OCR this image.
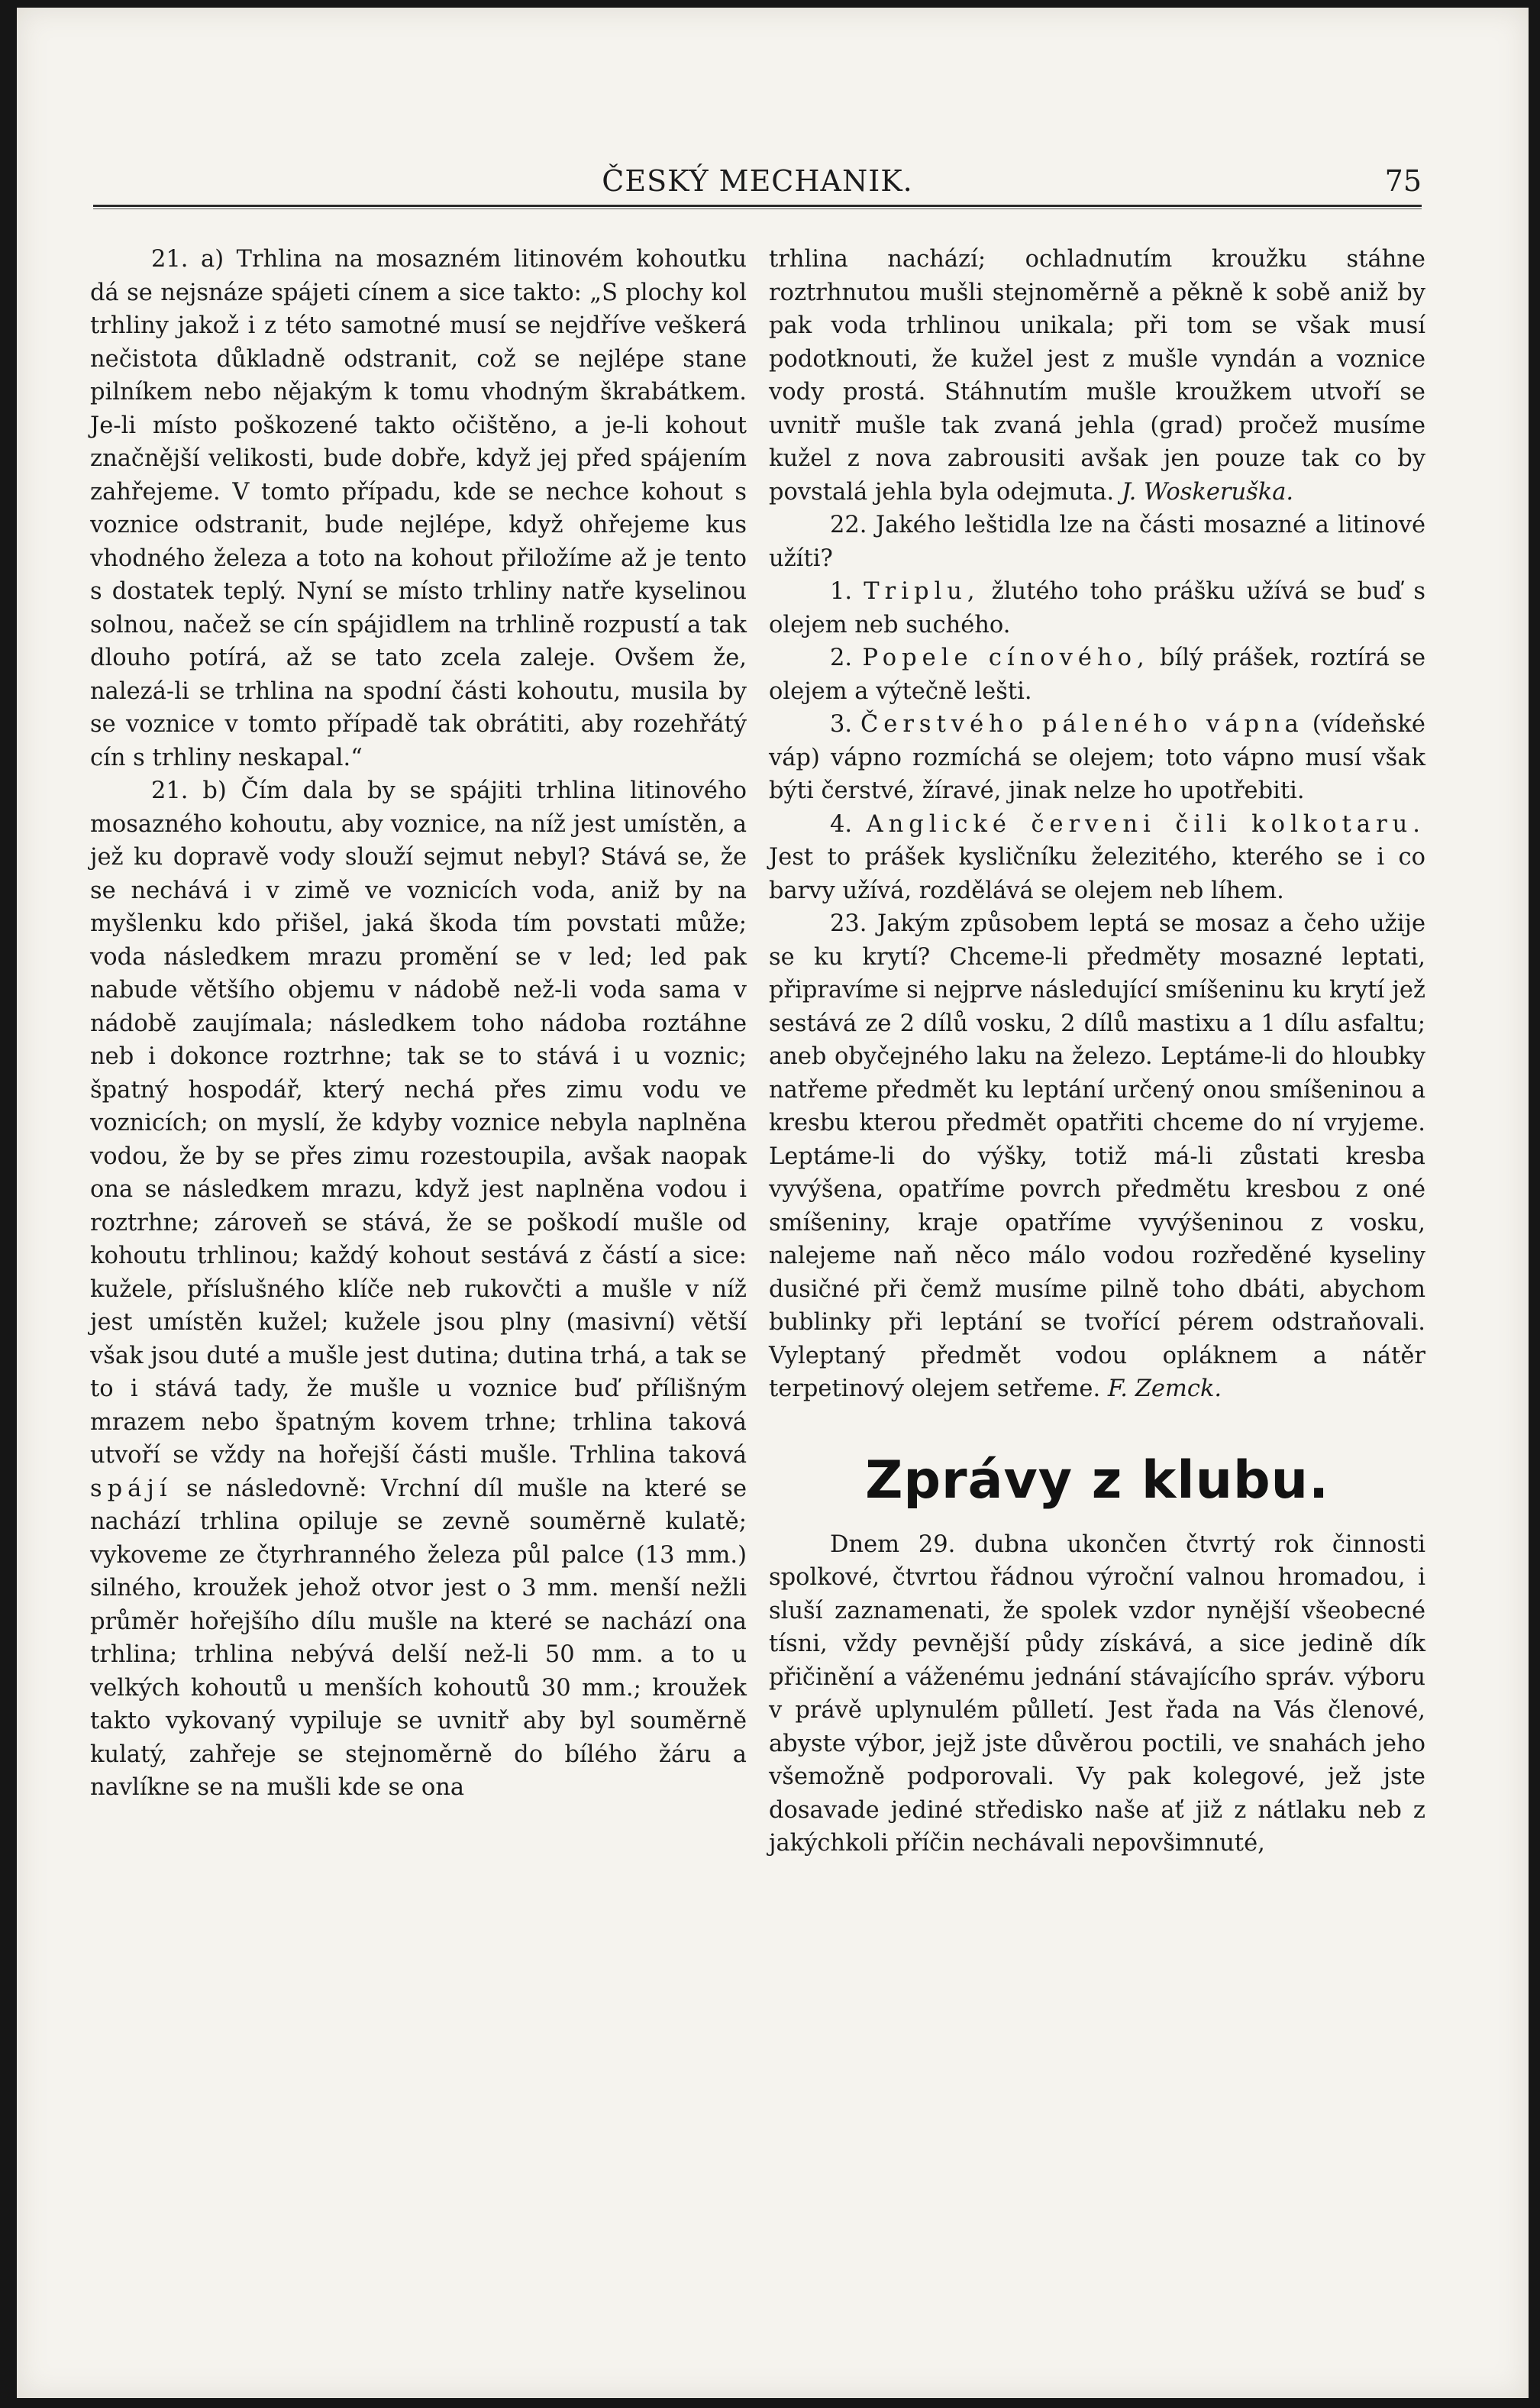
ČESKÝ MECHANIK.	75

21. a) Trhlina na mosazném litinovém kohoutku dá se nejsnáze spájeti cínem a sice takto: „S plochy kol trhliny jakož i z této samotné musí se nejdříve veškerá nečistota důkladně odstranit, což se nejlépe stane pilníkem nebo nějakým k tomu vhodným škrabátkem. Je-li místo poškozené takto očištěno, a je-li kohout značnější velikosti, bude dobře, když jej před spájením zahřejeme. V tomto případu, kde se nechce kohout s voznice odstranit, bude nejlépe, když ohřejeme kus vhodného železa a toto na kohout přiložíme až je tento s dostatek teplý. Nyní se místo trhliny natře kyselinou solnou, načež se cín spájidlem na trhlině rozpustí a tak dlouho potírá, až se tato zcela zaleje. Ovšem že, nalezá-li se trhlina na spodní části kohoutu, musila by se voznice v tomto případě tak obrátiti, aby rozehřátý cín s trhliny neskapal.“

21. b) Čím dala by se spájiti trhlina litinového mosazného kohoutu, aby voznice, na níž jest umístěn, a jež ku dopravě vody slouží sejmut nebyl? Stává se, že se nechává i v zimě ve voznicích voda, aniž by na myšlenku kdo přišel, jaká škoda tím povstati může; voda následkem mrazu promění se v led; led pak nabude většího objemu v nádobě než-li voda sama v nádobě zaujímala; následkem toho nádoba roztáhne neb i dokonce roztrhne; tak se to stává i u voznic; špatný hospodář, který nechá přes zimu vodu ve voznicích; on myslí, že kdyby voznice nebyla naplněna vodou, že by se přes zimu rozestoupila, avšak naopak ona se následkem mrazu, když jest naplněna vodou i roztrhne; zároveň se stává, že se poškodí mušle od kohoutu trhlinou; každý kohout sestává z částí a sice: kužele, příslušného klíče neb rukovčti a mušle v níž jest umístěn kužel; kužele jsou plny (masivní) větší však jsou duté a mušle jest dutina; dutina trhá, a tak se to i stává tady, že mušle u voznice buď přílišným mrazem nebo špatným kovem trhne; trhlina taková utvoří se vždy na hořejší části mušle. Trhlina taková spájí se následovně: Vrchní díl mušle na které se nachází trhlina opiluje se zevně souměrně kulatě; vykoveme ze čtyrhranného železa půl palce (13 mm.) silného, kroužek jehož otvor jest o 3 mm. menší nežli průměr hořejšího dílu mušle na které se nachází ona trhlina; trhlina nebývá delší než-li 50 mm. a to u velkých kohoutů u menších kohoutů 30 mm.; kroužek takto vykovaný vypiluje se uvnitř aby byl souměrně kulatý, zahřeje se stejnoměrně do bílého žáru a navlíkne se na mušli kde se ona

trhlina nachází; ochladnutím kroužku stáhne roztrhnutou mušli stejnoměrně a pěkně k sobě aniž by pak voda trhlinou unikala; při tom se však musí podotknouti, že kužel jest z mušle vyndán a voznice vody prostá. Stáhnutím mušle kroužkem utvoří se uvnitř mušle tak zvaná jehla (grad) pročež musíme kužel z nova zabrousiti avšak jen pouze tak co by povstalá jehla byla odejmuta. J. Woskeruška.

22. Jakého leštidla lze na části mosazné a litinové užíti?

1. Triplu, žlutého toho prášku užívá se buď s olejem neb suchého.

2. Popele cínového, bílý prášek, roztírá se olejem a výtečně lešti.

3. Čerstvého páleného vápna (vídeňské váp) vápno rozmíchá se olejem; toto vápno musí však býti čerstvé, žíravé, jinak nelze ho upotřebiti.

4. Anglické červeni čili kolkotaru. Jest to prášek kysličníku železitého, kterého se i co barvy užívá, rozdělává se olejem neb líhem.

23. Jakým způsobem leptá se mosaz a čeho užije se ku krytí? Chceme-li předměty mosazné leptati, připravíme si nejprve následující smíšeninu ku krytí jež sestává ze 2 dílů vosku, 2 dílů mastixu a 1 dílu asfaltu; aneb obyčejného laku na železo. Leptáme-li do hloubky natřeme předmět ku leptání určený onou smíšeninou a kresbu kterou předmět opatřiti chceme do ní vryjeme. Leptáme-li do výšky, totiž má-li zůstati kresba vyvýšena, opatříme povrch předmětu kresbou z oné smíšeniny, kraje opatříme vyvýšeninou z vosku, nalejeme naň něco málo vodou rozředěné kyseliny dusičné při čemž musíme pilně toho dbáti, abychom bublinky při leptání se tvořící pérem odstraňovali. Vyleptaný předmět vodou opláknem a nátěr terpetinový olejem setřeme. F. Zemck.

Zprávy z klubu.

Dnem 29. dubna ukončen čtvrtý rok činnosti spolkové, čtvrtou řádnou výroční valnou hromadou, i sluší zaznamenati, že spolek vzdor nynější všeobecné tísni, vždy pevnější půdy získává, a sice jedině dík přičinění a váženému jednání stávajícího správ. výboru v právě uplynulém půlletí. Jest řada na Vás členové, abyste výbor, jejž jste důvěrou poctili, ve snahách jeho všemožně podporovali. Vy pak kolegové, jež jste dosavade jediné středisko naše ať již z nátlaku neb z jakýchkoli příčin nechávali nepovšimnuté,
